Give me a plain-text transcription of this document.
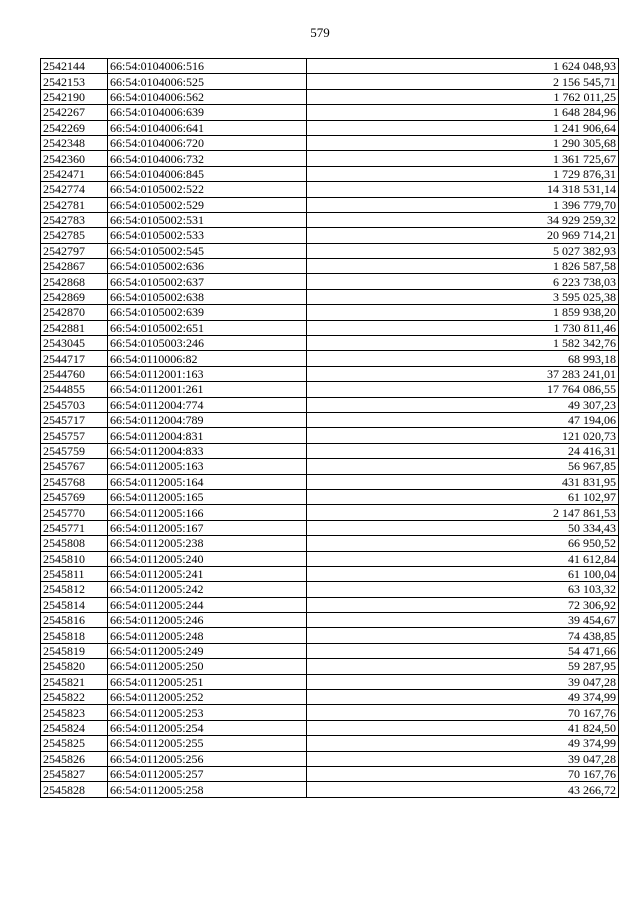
579
2542144	66:54:0104006:516	1 624 048,93
2542153	66:54:0104006:525	2 156 545,71
2542190	66:54:0104006:562	1 762 011,25
2542267	66:54:0104006:639	1 648 284,96
2542269	66:54:0104006:641	1 241 906,64
2542348	66:54:0104006:720	1 290 305,68
2542360	66:54:0104006:732	1 361 725,67
2542471	66:54:0104006:845	1 729 876,31
2542774	66:54:0105002:522	14 318 531,14
2542781	66:54:0105002:529	1 396 779,70
2542783	66:54:0105002:531	34 929 259,32
2542785	66:54:0105002:533	20 969 714,21
2542797	66:54:0105002:545	5 027 382,93
2542867	66:54:0105002:636	1 826 587,58
2542868	66:54:0105002:637	6 223 738,03
2542869	66:54:0105002:638	3 595 025,38
2542870	66:54:0105002:639	1 859 938,20
2542881	66:54:0105002:651	1 730 811,46
2543045	66:54:0105003:246	1 582 342,76
2544717	66:54:0110006:82	68 993,18
2544760	66:54:0112001:163	37 283 241,01
2544855	66:54:0112001:261	17 764 086,55
2545703	66:54:0112004:774	49 307,23
2545717	66:54:0112004:789	47 194,06
2545757	66:54:0112004:831	121 020,73
2545759	66:54:0112004:833	24 416,31
2545767	66:54:0112005:163	56 967,85
2545768	66:54:0112005:164	431 831,95
2545769	66:54:0112005:165	61 102,97
2545770	66:54:0112005:166	2 147 861,53
2545771	66:54:0112005:167	50 334,43
2545808	66:54:0112005:238	66 950,52
2545810	66:54:0112005:240	41 612,84
2545811	66:54:0112005:241	61 100,04
2545812	66:54:0112005:242	63 103,32
2545814	66:54:0112005:244	72 306,92
2545816	66:54:0112005:246	39 454,67
2545818	66:54:0112005:248	74 438,85
2545819	66:54:0112005:249	54 471,66
2545820	66:54:0112005:250	59 287,95
2545821	66:54:0112005:251	39 047,28
2545822	66:54:0112005:252	49 374,99
2545823	66:54:0112005:253	70 167,76
2545824	66:54:0112005:254	41 824,50
2545825	66:54:0112005:255	49 374,99
2545826	66:54:0112005:256	39 047,28
2545827	66:54:0112005:257	70 167,76
2545828	66:54:0112005:258	43 266,72
